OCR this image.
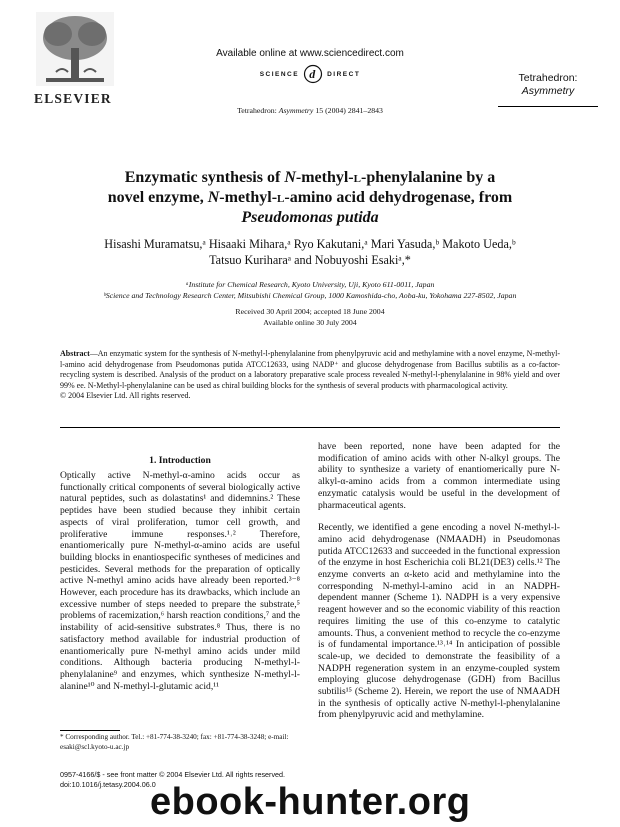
ELSEVIER
Available online at www.sciencedirect.com
SCIENCE d DIRECT
Tetrahedron: Asymmetry 15 (2004) 2841–2843
Tetrahedron:
Asymmetry
Enzymatic synthesis of N-methyl-l-phenylalanine by a
novel enzyme, N-methyl-l-amino acid dehydrogenase, from
Pseudomonas putida
Hisashi Muramatsu,ᵃ Hisaaki Mihara,ᵃ Ryo Kakutani,ᵃ Mari Yasuda,ᵇ Makoto Ueda,ᵇ
Tatsuo Kuriharaᵃ and Nobuyoshi Esakiᵃ,*
ᵃInstitute for Chemical Research, Kyoto University, Uji, Kyoto 611-0011, Japan
ᵇScience and Technology Research Center, Mitsubishi Chemical Group, 1000 Kamoshida-cho, Aoba-ku, Yokohama 227-8502, Japan
Received 30 April 2004; accepted 18 June 2004
Available online 30 July 2004
Abstract—An enzymatic system for the synthesis of N-methyl-l-phenylalanine from phenylpyruvic acid and methylamine with a novel enzyme, N-methyl-l-amino acid dehydrogenase from Pseudomonas putida ATCC12633, using NADP⁺ and glucose dehydrogenase from Bacillus subtilis as a co-factor-recycling system is described. Analysis of the product on a laboratory preparative scale process revealed N-methyl-l-phenylalanine in 98% yield and over 99% ee. N-Methyl-l-phenylalanine can be used as chiral building blocks for the synthesis of several products with pharmacological activity.
© 2004 Elsevier Ltd. All rights reserved.
1. Introduction
Optically active N-methyl-α-amino acids occur as functionally critical components of several biologically active natural peptides, such as dolastatins¹ and didemnins.² These peptides have been studied because they inhibit certain aspects of viral proliferation, tumor cell growth, and proliferative immune responses.¹˒² Therefore, enantiomerically pure N-methyl-α-amino acids are useful building blocks in enantiospecific syntheses of medicines and pesticides. Several methods for the preparation of optically active N-methyl amino acids have already been reported.³⁻⁸ However, each procedure has its drawbacks, which include an excessive number of steps needed to prepare the substrate,⁵ problems of racemization,⁶ harsh reaction conditions,⁷ and the instability of acid-sensitive substrates.⁸ Thus, there is no satisfactory method available for industrial production of enantiomerically pure N-methyl amino acids under mild conditions. Although bacteria producing N-methyl-l-phenylalanine⁹ and enzymes, which synthesize N-methyl-l-alanine¹⁰ and N-methyl-l-glutamic acid,¹¹
have been reported, none have been adapted for the modification of amino acids with other N-alkyl groups. The ability to synthesize a variety of enantiomerically pure N-alkyl-α-amino acids from a common intermediate using enzymatic catalysis would be useful in the development of pharmaceutical agents.
Recently, we identified a gene encoding a novel N-methyl-l-amino acid dehydrogenase (NMAADH) in Pseudomonas putida ATCC12633 and succeeded in the functional expression of the enzyme in host Escherichia coli BL21(DE3) cells.¹² The enzyme converts an α-keto acid and methylamine into the corresponding N-methyl-l-amino acid in an NADPH-dependent manner (Scheme 1). NADPH is a very expensive reagent however and so the economic viability of this reaction requires limiting the use of this co-enzyme to catalytic amounts. Thus, a convenient method to recycle the co-enzyme is of fundamental importance.¹³˒¹⁴ In anticipation of possible scale-up, we decided to demonstrate the feasibility of a NADPH regeneration system in an enzyme-coupled system employing glucose dehydrogenase (GDH) from Bacillus subtilis¹⁵ (Scheme 2). Herein, we report the use of NMAADH in the synthesis of optically active N-methyl-l-phenylalanine from phenylpyruvic acid and methylamine.
* Corresponding author. Tel.: +81-774-38-3240; fax: +81-774-38-3248; e-mail: esaki@scl.kyoto-u.ac.jp
0957-4166/$ - see front matter © 2004 Elsevier Ltd. All rights reserved.
doi:10.1016/j.tetasy.2004.06.0
ebook-hunter.org
